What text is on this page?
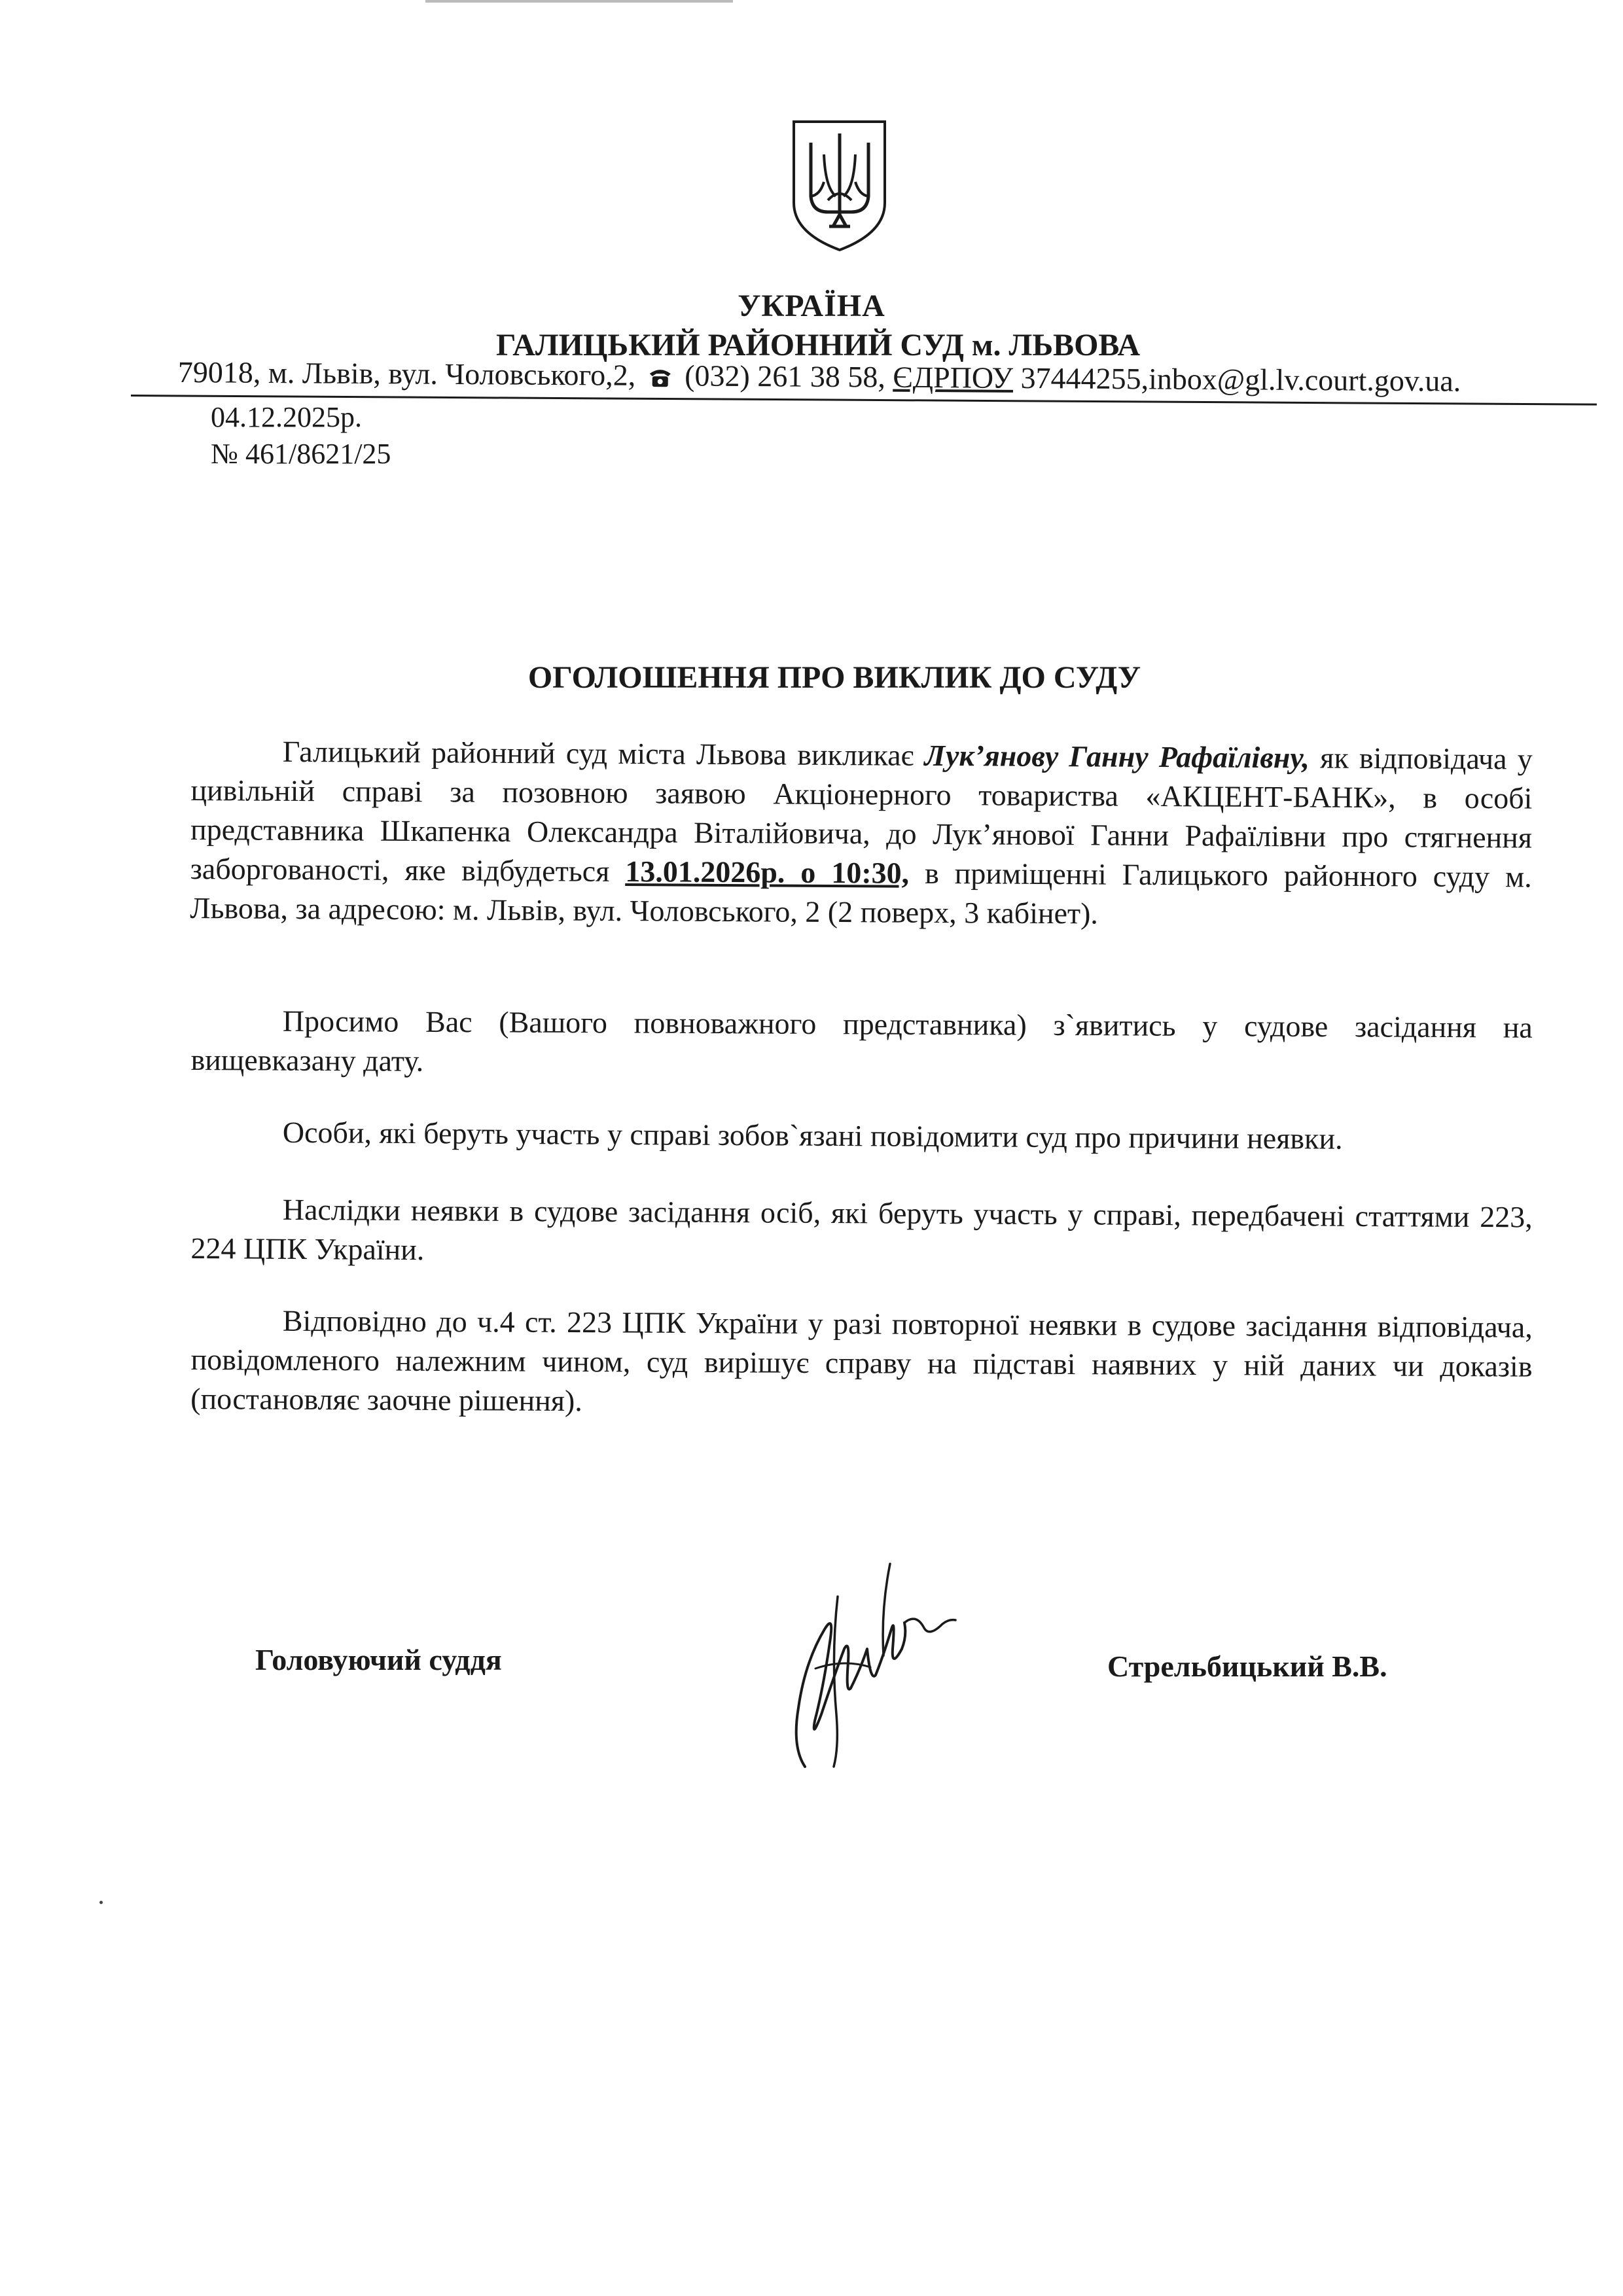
УКРАЇНА
ГАЛИЦЬКИЙ РАЙОННИЙ СУД м. ЛЬВОВА
79018, м. Львів, вул. Чоловського,2, (032) 261 38 58, ЄДРПОУ 37444255,inbox@gl.lv.court.gov.ua.
04.12.2025р.
№ 461/8621/25
ОГОЛОШЕННЯ ПРО ВИКЛИК ДО СУДУ

Галицький районний суд міста Львова викликає Лук’янову Ганну Рафаїлівну, як відповідача у цивільній справі за позовною заявою Акціонерного товариства «АКЦЕНТ-БАНК», в особі представника Шкапенка Олександра Віталійовича, до Лук’янової Ганни Рафаїлівни про стягнення заборгованості, яке відбудеться 13.01.2026р. о 10:30, в приміщенні Галицького районного суду м. Львова, за адресою: м. Львів, вул. Чоловського, 2 (2 поверх, 3 кабінет).

Просимо Вас (Вашого повноважного представника) з`явитись у судове засідання на вищевказану дату.

Особи, які беруть участь у справі зобов`язані повідомити суд про причини неявки.

Наслідки неявки в судове засідання осіб, які беруть участь у справі, передбачені статтями 223, 224 ЦПК України.

Відповідно до ч.4 ст. 223 ЦПК України у разі повторної неявки в судове засідання відповідача, повідомленого належним чином, суд вирішує справу на підставі наявних у ній даних чи доказів (постановляє заочне рішення).

Головуючий суддя	Стрельбицький В.В.
